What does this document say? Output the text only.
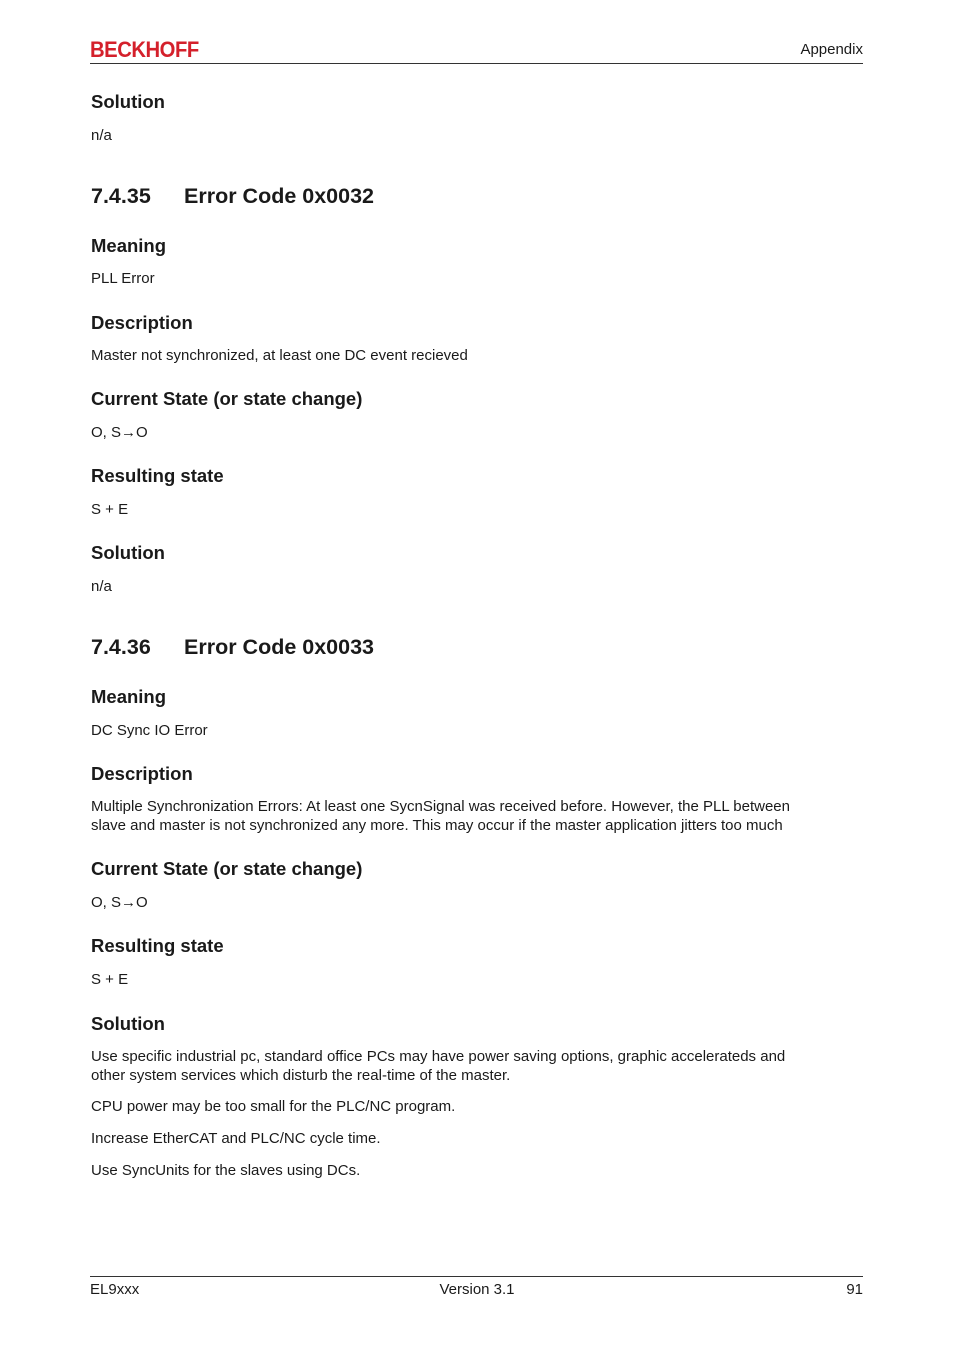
BECKHOFF	Appendix
Solution
n/a
7.4.35 Error Code 0x0032
Meaning
PLL Error
Description
Master not synchronized, at least one DC event recieved
Current State (or state change)
O, S→O
Resulting state
S + E
Solution
n/a
7.4.36 Error Code 0x0033
Meaning
DC Sync IO Error
Description
Multiple Synchronization Errors: At least one SycnSignal was received before. However, the PLL between
slave and master is not synchronized any more. This may occur if the master application jitters too much
Current State (or state change)
O, S→O
Resulting state
S + E
Solution
Use specific industrial pc, standard office PCs may have power saving options, graphic accelerateds and
other system services which disturb the real-time of the master.
CPU power may be too small for the PLC/NC program.
Increase EtherCAT and PLC/NC cycle time.
Use SyncUnits for the slaves using DCs.
EL9xxx	Version 3.1	91
